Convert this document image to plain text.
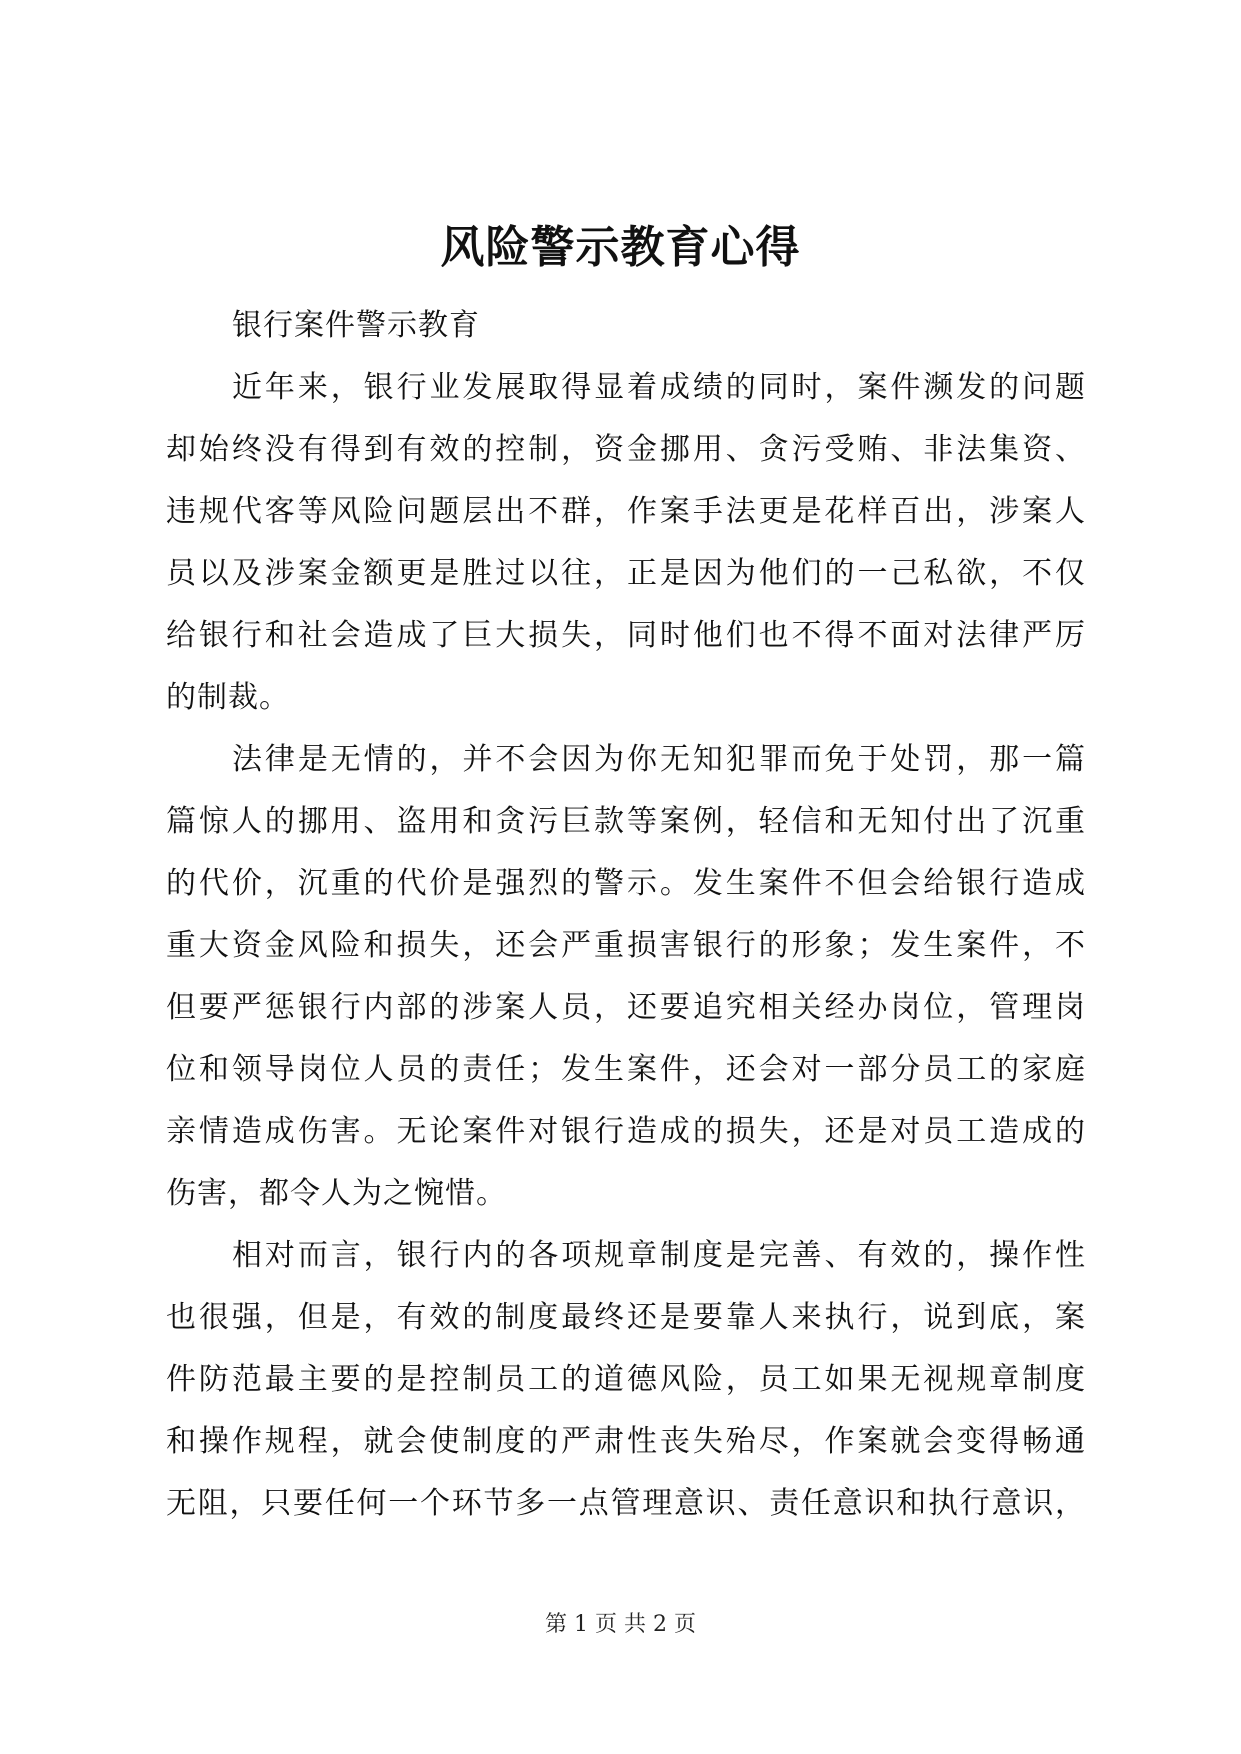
风险警示教育心得
银行案件警示教育
近年来，银行业发展取得显着成绩的同时，案件濒发的问题
却始终没有得到有效的控制，资金挪用、贪污受贿、非法集资、
违规代客等风险问题层出不群，作案手法更是花样百出，涉案人
员以及涉案金额更是胜过以往，正是因为他们的一己私欲，不仅
给银行和社会造成了巨大损失，同时他们也不得不面对法律严厉
的制裁。
法律是无情的，并不会因为你无知犯罪而免于处罚，那一篇
篇惊人的挪用、盗用和贪污巨款等案例，轻信和无知付出了沉重
的代价，沉重的代价是强烈的警示。发生案件不但会给银行造成
重大资金风险和损失，还会严重损害银行的形象；发生案件，不
但要严惩银行内部的涉案人员，还要追究相关经办岗位，管理岗
位和领导岗位人员的责任；发生案件，还会对一部分员工的家庭
亲情造成伤害。无论案件对银行造成的损失，还是对员工造成的
伤害，都令人为之惋惜。
相对而言，银行内的各项规章制度是完善、有效的，操作性
也很强，但是，有效的制度最终还是要靠人来执行，说到底，案
件防范最主要的是控制员工的道德风险，员工如果无视规章制度
和操作规程，就会使制度的严肃性丧失殆尽，作案就会变得畅通
无阻，只要任何一个环节多一点管理意识、责任意识和执行意识，
第 1 页 共 2 页
